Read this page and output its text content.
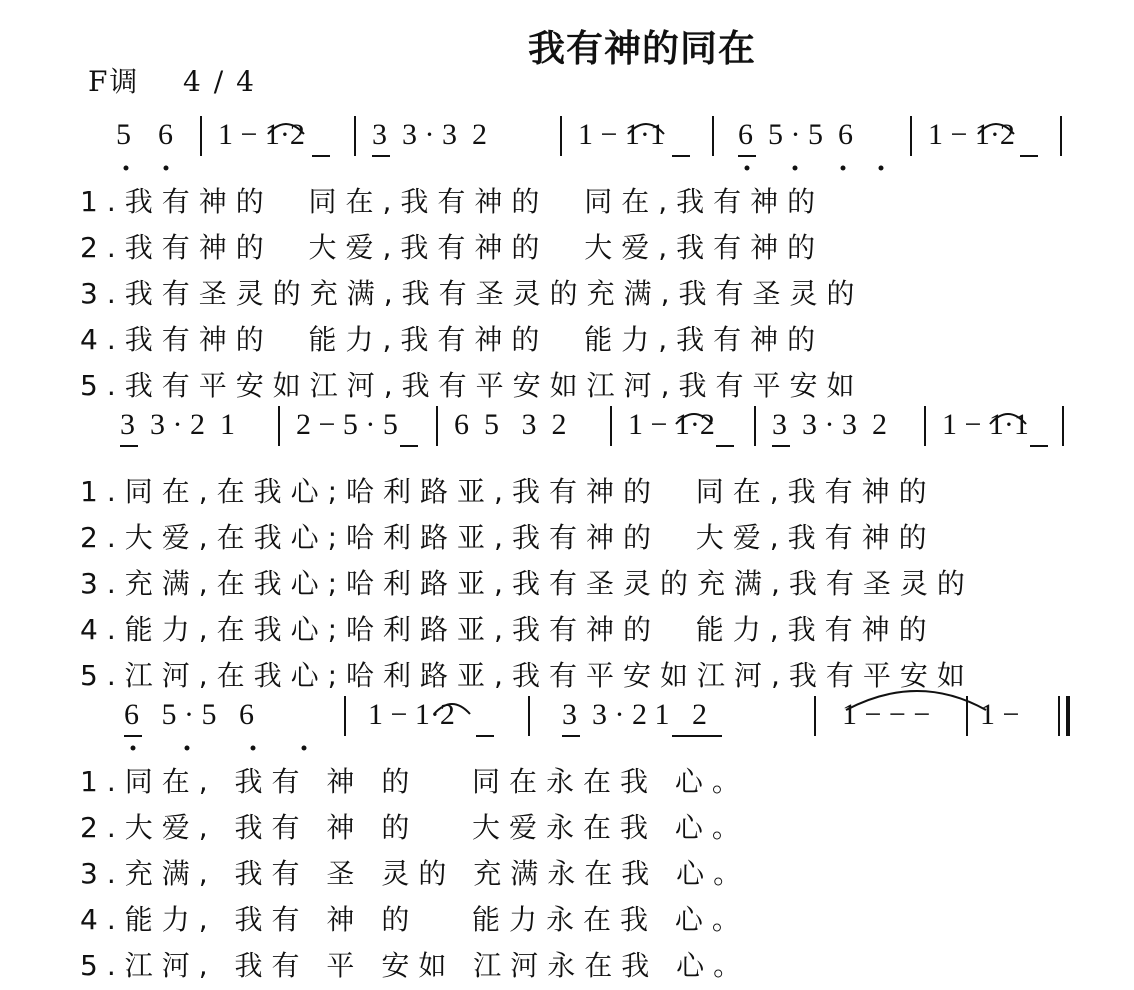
我有神的同在
F调 4 / 4
5 6 1 − 1·2 3  3 · 3  2	1 − 1·1 6  5 · 5  6	1 − 1·2
1.我有神的  同在,我有神的  同在,我有神的
2.我有神的  大爱,我有神的  大爱,我有神的
3.我有圣灵的充满,我有圣灵的充满,我有圣灵的
4.我有神的  能力,我有神的  能力,我有神的
5.我有平安如江河,我有平安如江河,我有平安如
3  3 · 2  1 2 − 5 · 5 6  5   3  2 1 − 1·2 3  3 · 3  2 1 − 1·1
1.同在,在我心;哈利路亚,我有神的  同在,我有神的
2.大爱,在我心;哈利路亚,我有神的  大爱,我有神的
3.充满,在我心;哈利路亚,我有圣灵的充满,我有圣灵的
4.能力,在我心;哈利路亚,我有神的  能力,我有神的
5.江河,在我心;哈利路亚,我有平安如江河,我有平安如
6   5 · 5   6	1 − 1·2	3  3 · 2 1   2	1 − − − 1 −
1.同在, 我有 神 的   同在永在我 心。
2.大爱, 我有 神 的   大爱永在我 心。
3.充满, 我有 圣 灵的 充满永在我 心。
4.能力, 我有 神 的   能力永在我 心。
5.江河, 我有 平 安如 江河永在我 心。
